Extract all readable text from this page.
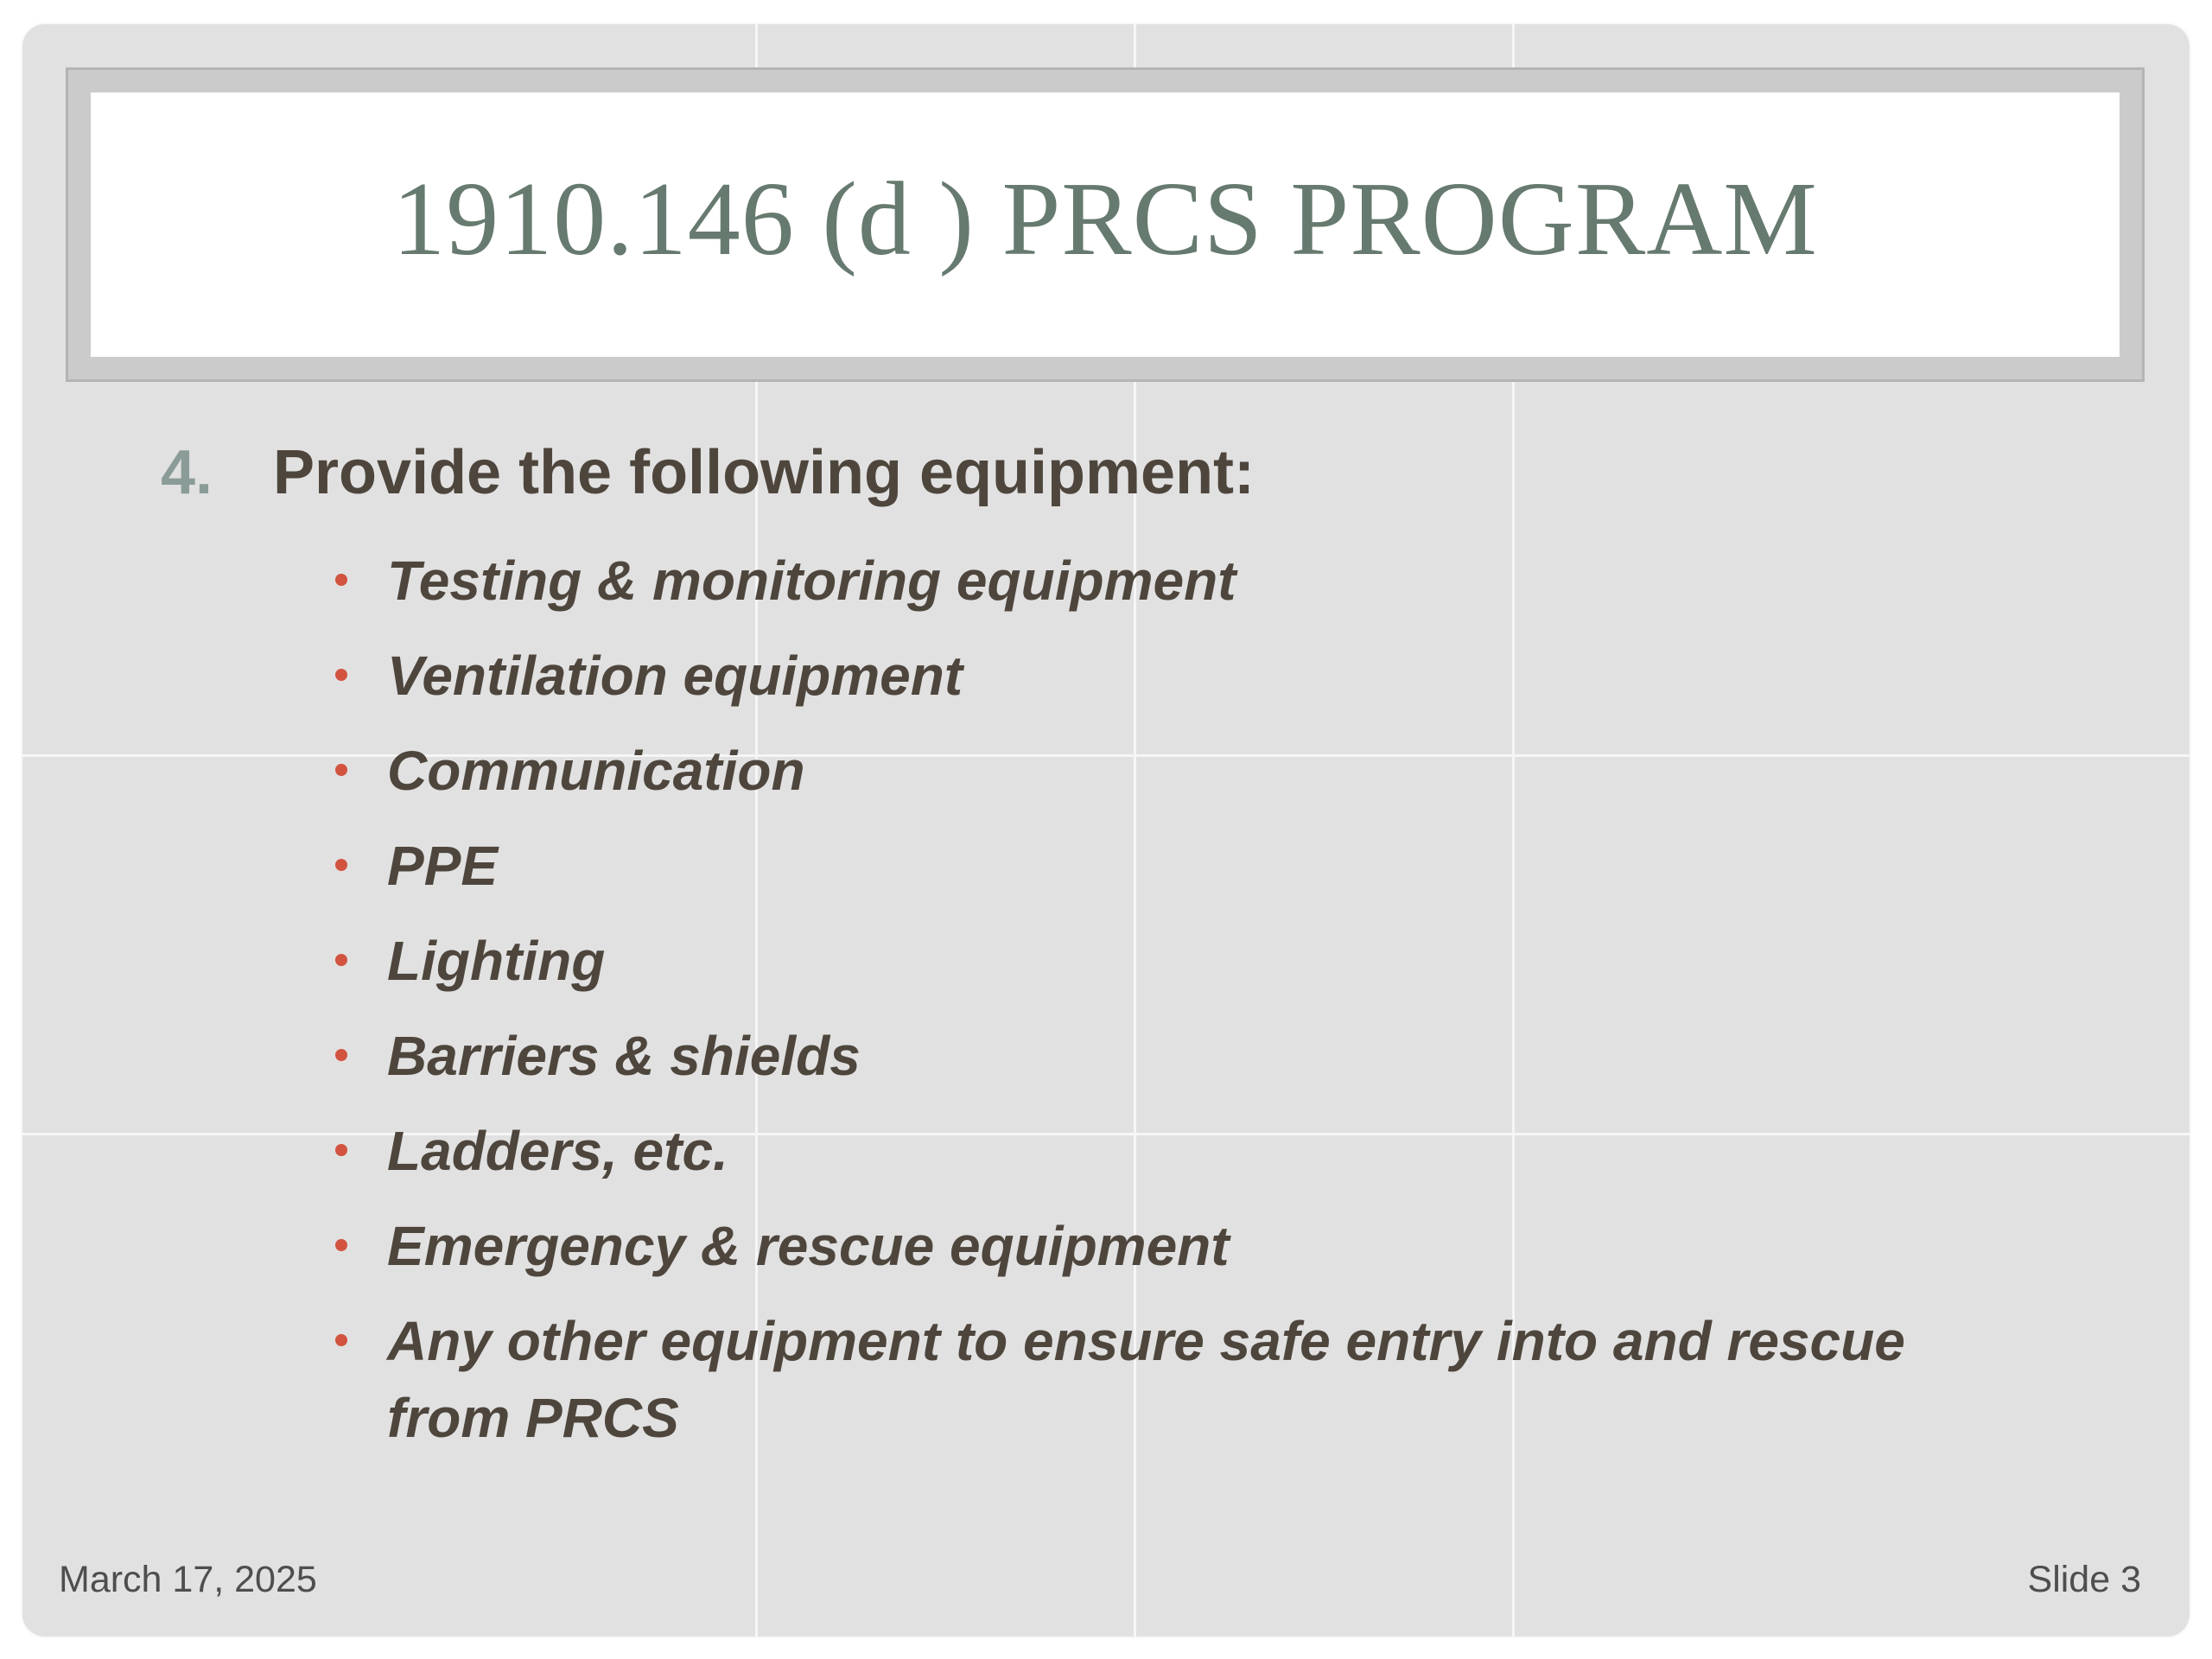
1910.146 (d ) PRCS PROGRAM
4. Provide the following equipment:
Testing & monitoring equipment
Ventilation equipment
Communication
PPE
Lighting
Barriers & shields
Ladders, etc.
Emergency & rescue equipment
Any other equipment to ensure safe entry into and rescue from PRCS
March 17, 2025	Slide 3
